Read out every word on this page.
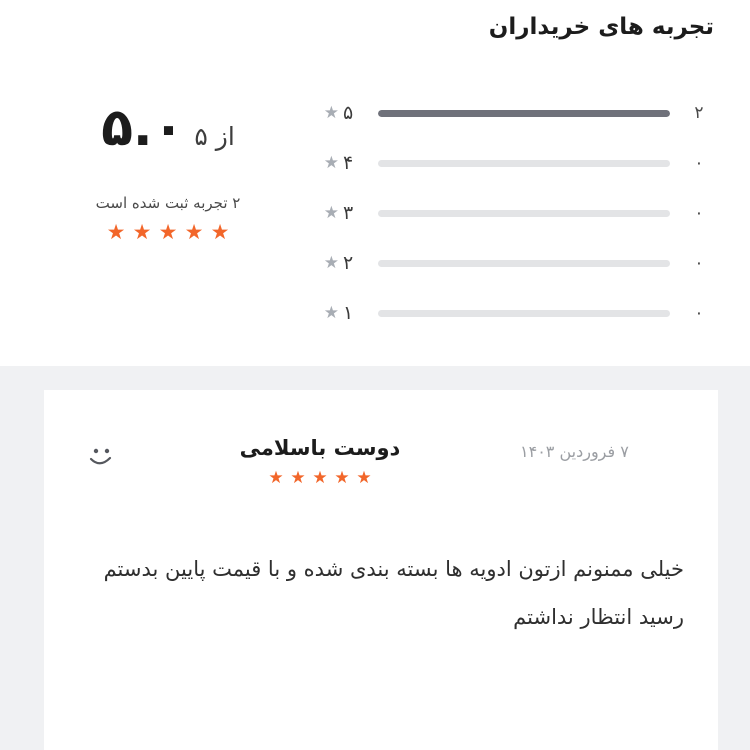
تجربه های خریداران
۵.۰ از ۵
۲ تجربه ثبت شده است
★ ★ ★ ★ ★
★ ۵	۲
★ ۴	۰
★ ۳	۰
★ ۲	۰
★ ۱	۰
دوست باسلامی
★ ★ ★ ★ ★
۷ فروردین ۱۴۰۳
خیلی ممنونم ازتون ادویه ها بسته بندی شده و با قیمت پایین بدستم رسید انتظار نداشتم
